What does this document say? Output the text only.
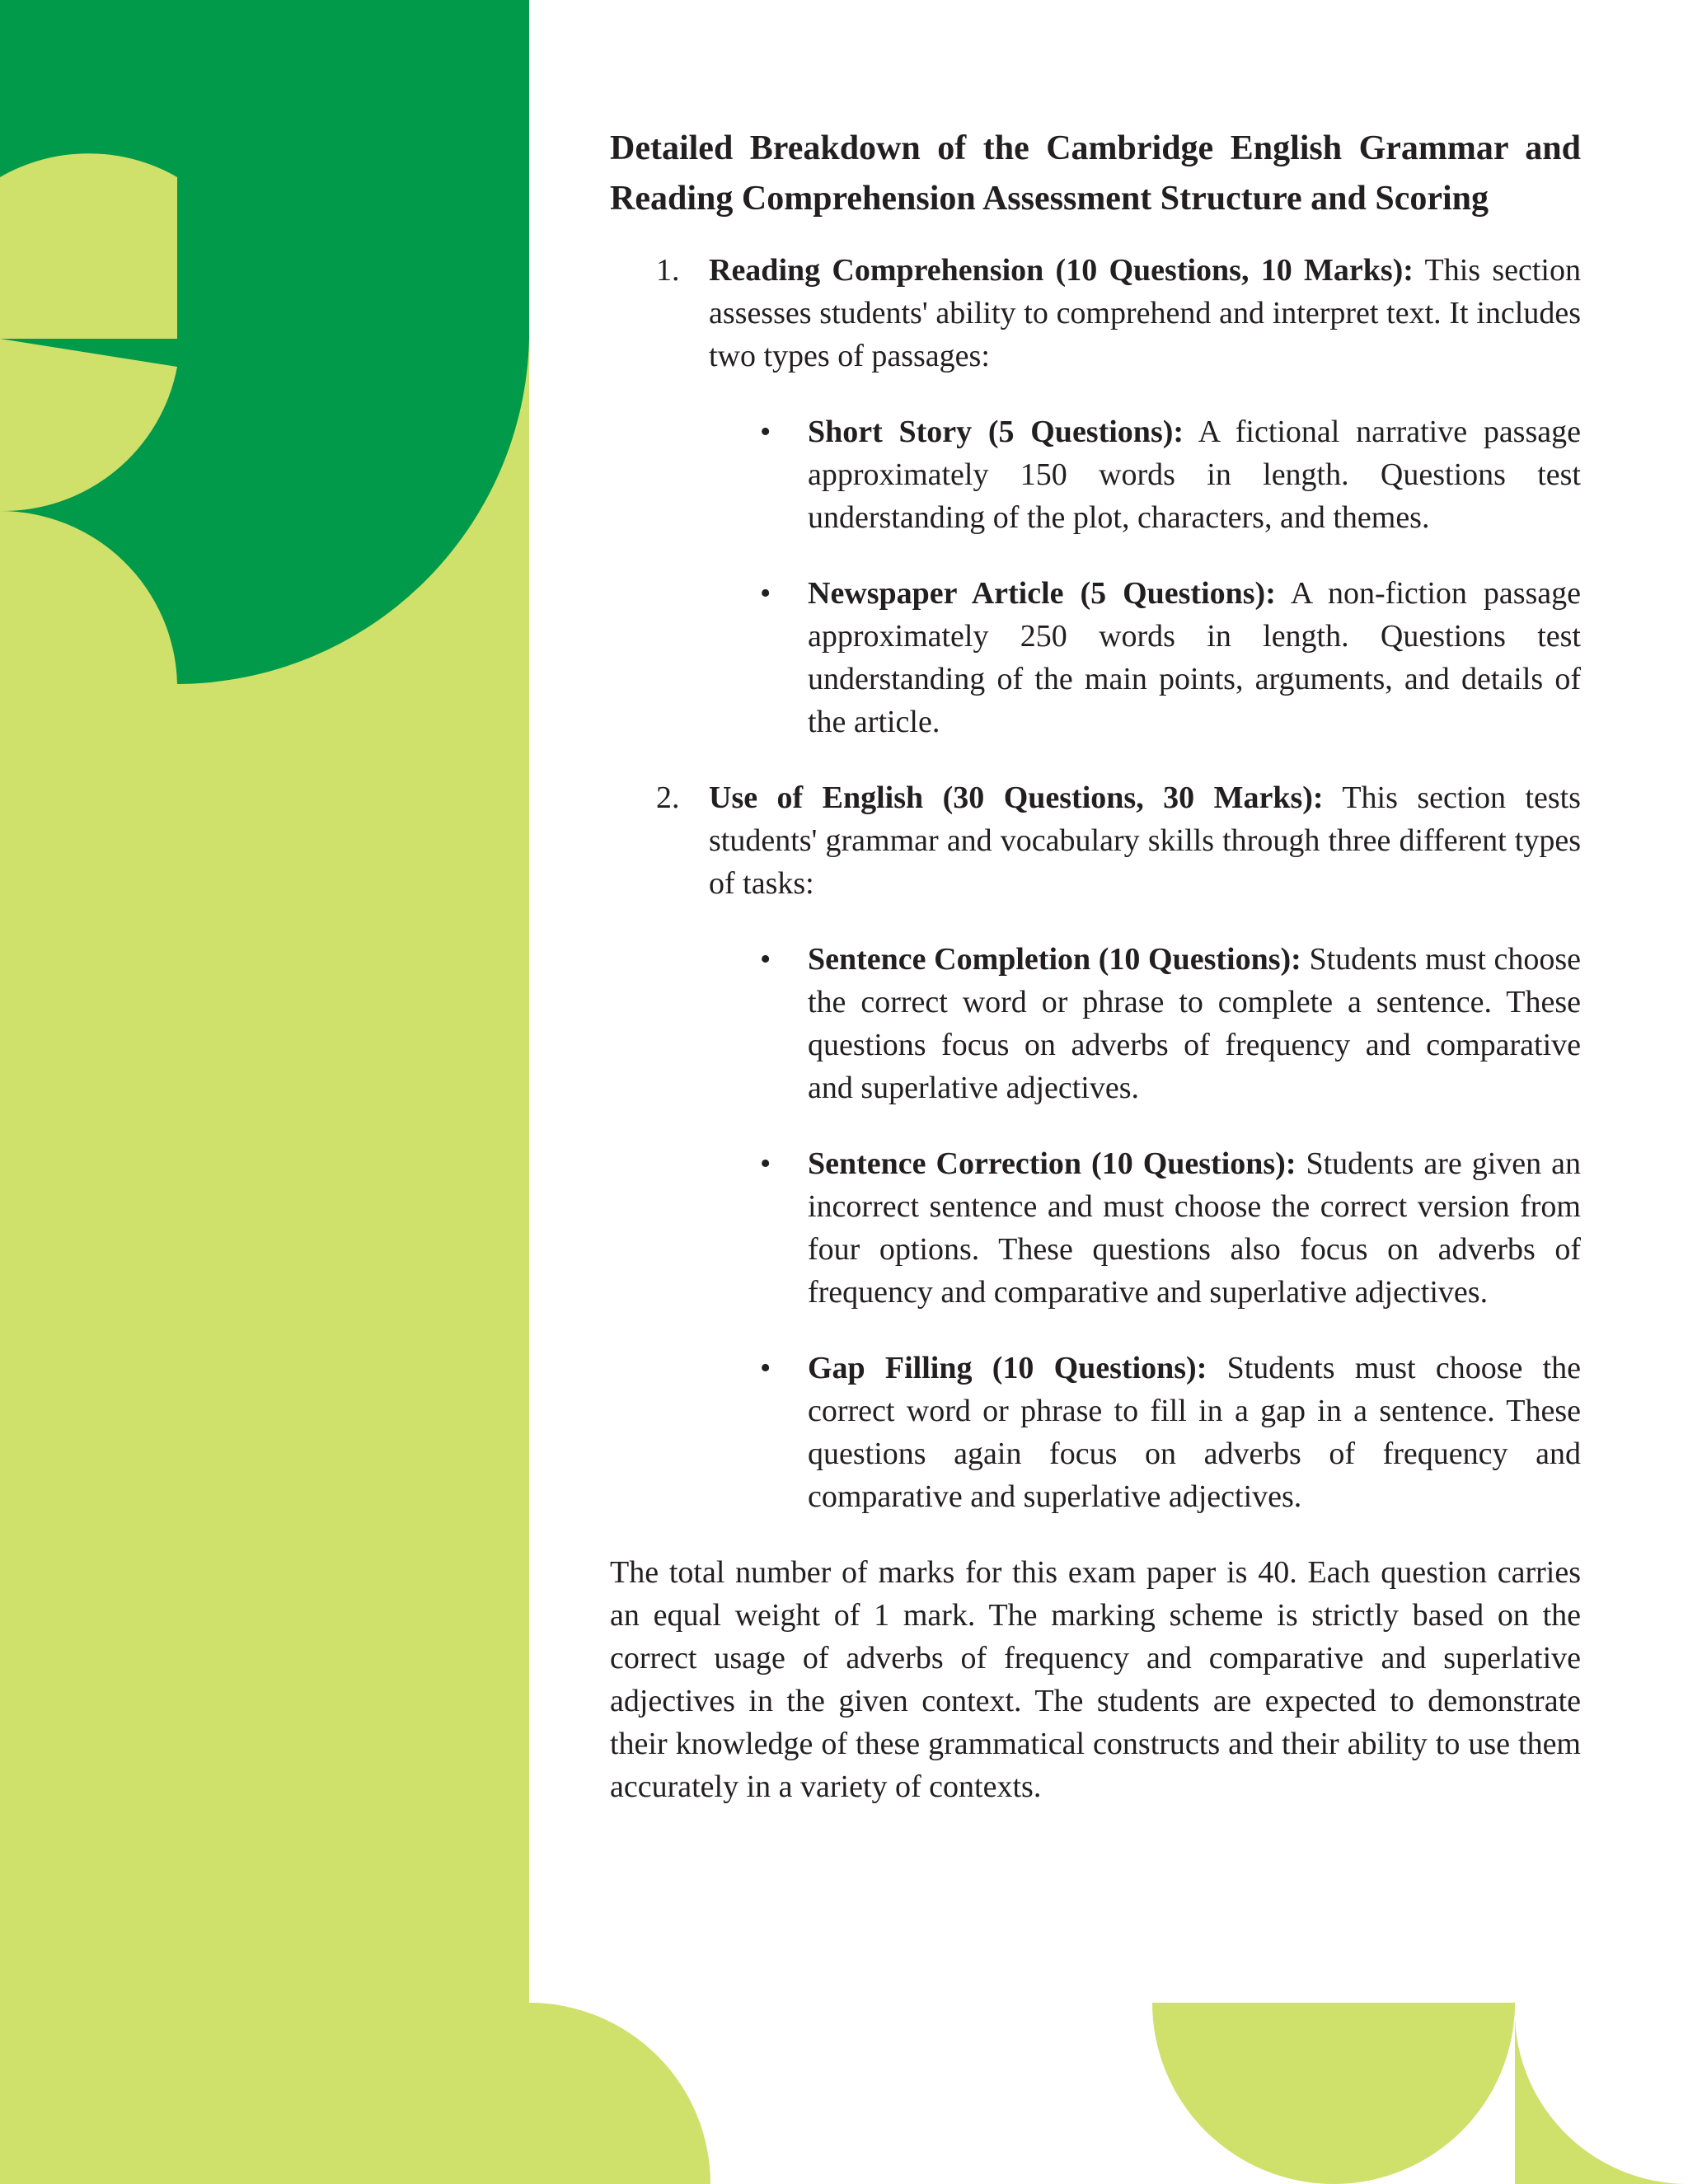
Detailed Breakdown of the Cambridge English Grammar and Reading Comprehension Assessment Structure and Scoring
1. Reading Comprehension (10 Questions, 10 Marks): This section assesses students' ability to comprehend and interpret text. It includes two types of passages:

• Short Story (5 Questions): A fictional narrative passage approximately 150 words in length. Questions test understanding of the plot, characters, and themes.

• Newspaper Article (5 Questions): A non-fiction passage approximately 250 words in length. Questions test understanding of the main points, arguments, and details of the article.

2. Use of English (30 Questions, 30 Marks): This section tests students' grammar and vocabulary skills through three different types of tasks:

• Sentence Completion (10 Questions): Students must choose the correct word or phrase to complete a sentence. These questions focus on adverbs of frequency and comparative and superlative adjectives.

• Sentence Correction (10 Questions): Students are given an incorrect sentence and must choose the correct version from four options. These questions also focus on adverbs of frequency and comparative and superlative adjectives.

• Gap Filling (10 Questions): Students must choose the correct word or phrase to fill in a gap in a sentence. These questions again focus on adverbs of frequency and comparative and superlative adjectives.

The total number of marks for this exam paper is 40. Each question carries an equal weight of 1 mark. The marking scheme is strictly based on the correct usage of adverbs of frequency and comparative and superlative adjectives in the given context. The students are expected to demonstrate their knowledge of these grammatical constructs and their ability to use them accurately in a variety of contexts.
